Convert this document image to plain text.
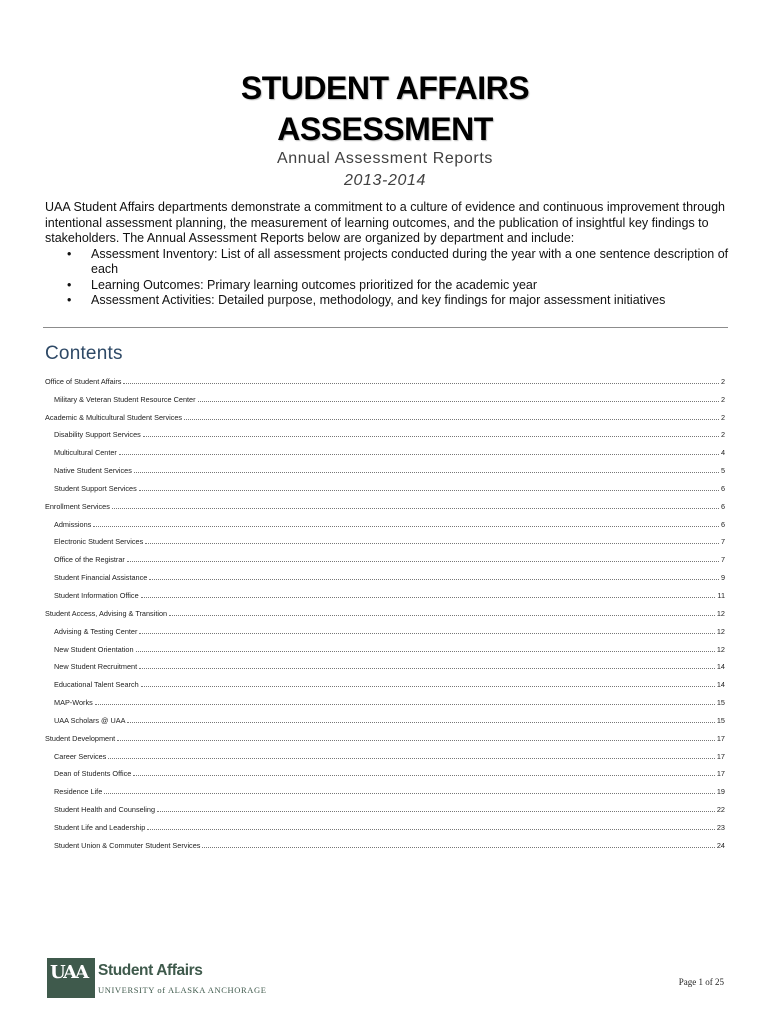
STUDENT AFFAIRS
ASSESSMENT
Annual Assessment Reports
2013-2014

UAA Student Affairs departments demonstrate a commitment to a culture of evidence and continuous improvement through intentional assessment planning, the measurement of learning outcomes, and the publication of insightful key findings to stakeholders. The Annual Assessment Reports below are organized by department and include:

• Assessment Inventory: List of all assessment projects conducted during the year with a one sentence description of each
• Learning Outcomes: Primary learning outcomes prioritized for the academic year
• Assessment Activities: Detailed purpose, methodology, and key findings for major assessment initiatives
Contents
Office of Student Affairs	2
Military & Veteran Student Resource Center	2
Academic & Multicultural Student Services	2
Disability Support Services	2
Multicultural Center	4
Native Student Services	5
Student Support Services	6
Enrollment Services	6
Admissions	6
Electronic Student Services	7
Office of the Registrar	7
Student Financial Assistance	9
Student Information Office	11
Student Access, Advising & Transition	12
Advising & Testing Center	12
New Student Orientation	12
New Student Recruitment	14
Educational Talent Search	14
MAP-Works	15
UAA Scholars @ UAA	15
Student Development	17
Career Services	17
Dean of Students Office	17
Residence Life	19
Student Health and Counseling	22
Student Life and Leadership	23
Student Union & Commuter Student Services	24
UAA Student Affairs
UNIVERSITY of ALASKA ANCHORAGE
Page 1 of 25
